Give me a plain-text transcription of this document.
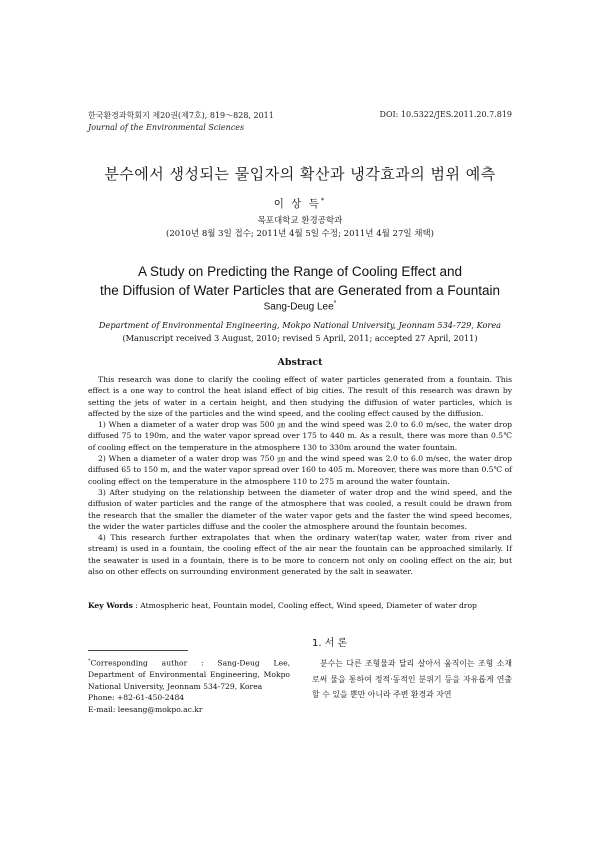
한국환경과학회지 제20권(제7호), 819～828, 2011
Journal of the Environmental Sciences
DOI: 10.5322/JES.2011.20.7.819
분수에서 생성되는 물입자의 확산과 냉각효과의 범위 예측
이 상 득*
목포대학교 환경공학과
(2010년 8월 3일 접수; 2011년 4월 5일 수정; 2011년 4월 27일 채택)
A Study on Predicting the Range of Cooling Effect and
the Diffusion of Water Particles that are Generated from a Fountain
Sang-Deug Lee*
Department of Environmental Engineering, Mokpo National University, Jeonnam 534-729, Korea
(Manuscript received 3 August, 2010; revised 5 April, 2011; accepted 27 April, 2011)
Abstract

This research was done to clarify the cooling effect of water particles generated from a fountain. This effect is a one way to control the heat island effect of big cities. The result of this research was drawn by setting the jets of water in a certain height, and then studying the diffusion of water particles, which is affected by the size of the particles and the wind speed, and the cooling effect caused by the diffusion.

1) When a diameter of a water drop was 500 ㎛ and the wind speed was 2.0 to 6.0 m/sec, the water drop diffused 75 to 190m, and the water vapor spread over 175 to 440 m. As a result, there was more than 0.5℃ of cooling effect on the temperature in the atmosphere 130 to 330m around the water fountain.

2) When a diameter of a water drop was 750 ㎛ and the wind speed was 2.0 to 6.0 m/sec, the water drop diffused 65 to 150 m, and the water vapor spread over 160 to 405 m. Moreover, there was more than 0.5℃ of cooling effect on the temperature in the atmosphere 110 to 275 m around the water fountain.

3) After studying on the relationship between the diameter of water drop and the wind speed, and the diffusion of water particles and the range of the atmosphere that was cooled, a result could be drawn from the research that the smaller the diameter of the water vapor gets and the faster the wind speed becomes, the wider the water particles diffuse and the cooler the atmosphere around the fountain becomes.

4) This research further extrapolates that when the ordinary water(tap water, water from river and stream) is used in a fountain, the cooling effect of the air near the fountain can be approached similarly. If the seawater is used in a fountain, there is to be more to concern not only on cooling effect on the air, but also on other effects on surrounding environment generated by the salt in seawater.

Key Words : Atmospheric heat, Fountain model, Cooling effect, Wind speed, Diameter of water drop
*Corresponding author : Sang-Deug Lee, Department of Environmental Engineering, Mokpo National University, Jeonnam 534-729, Korea
Phone: +82-61-450-2484
E-mail: leesang@mokpo.ac.kr
1. 서 론
분수는 다른 조형물과 달리 살아서 움직이는 조형 소재로써 물을 통하여 정적·동적인 분위기 등을 자유롭게 연출할 수 있을 뿐만 아니라 주변 환경과 자연
